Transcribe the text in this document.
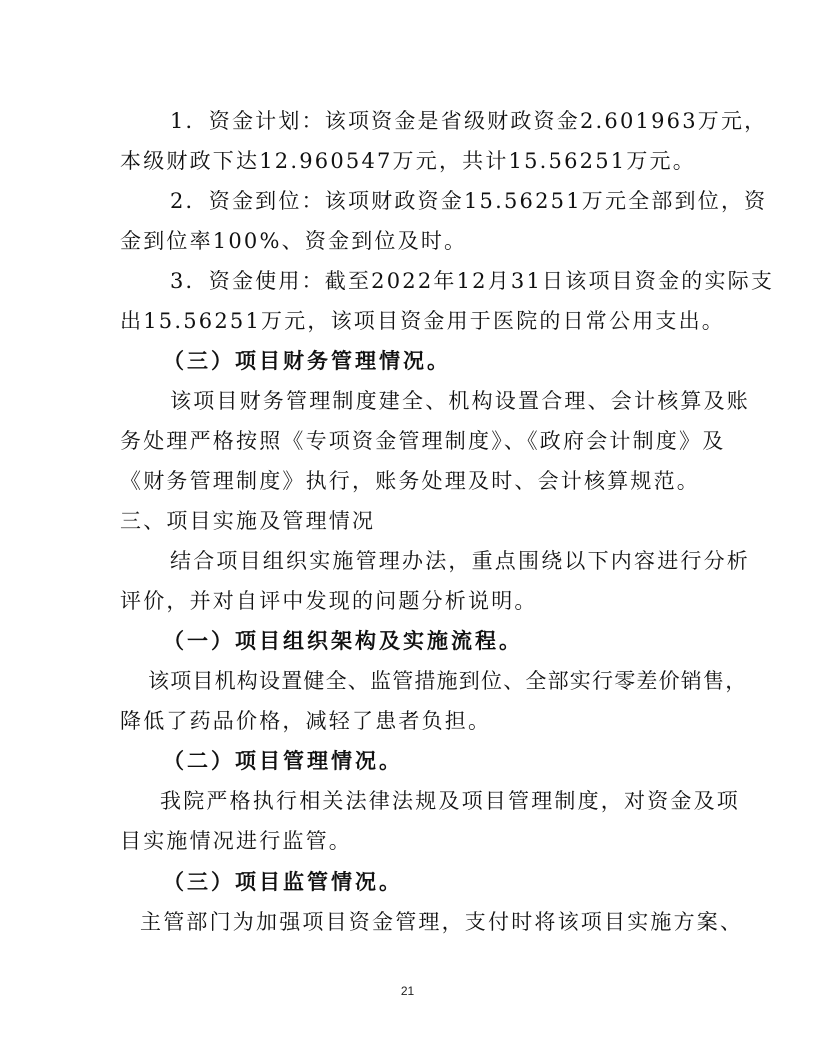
1．资金计划：该项资金是省级财政资金2.601963万元，
本级财政下达12.960547万元，共计15.56251万元。
2．资金到位：该项财政资金15.56251万元全部到位，资
金到位率100%、资金到位及时。
3．资金使用：截至2022年12月31日该项目资金的实际支
出15.56251万元，该项目资金用于医院的日常公用支出。
（三）项目财务管理情况。
该项目财务管理制度建全、机构设置合理、会计核算及账
务处理严格按照《专项资金管理制度》、《政府会计制度》及
《财务管理制度》执行，账务处理及时、会计核算规范。
三、项目实施及管理情况
结合项目组织实施管理办法，重点围绕以下内容进行分析
评价，并对自评中发现的问题分析说明。
（一）项目组织架构及实施流程。
该项目机构设置健全、监管措施到位、全部实行零差价销售，
降低了药品价格，减轻了患者负担。
（二）项目管理情况。
我院严格执行相关法律法规及项目管理制度，对资金及项
目实施情况进行监管。
（三）项目监管情况。
主管部门为加强项目资金管理，支付时将该项目实施方案、
21
